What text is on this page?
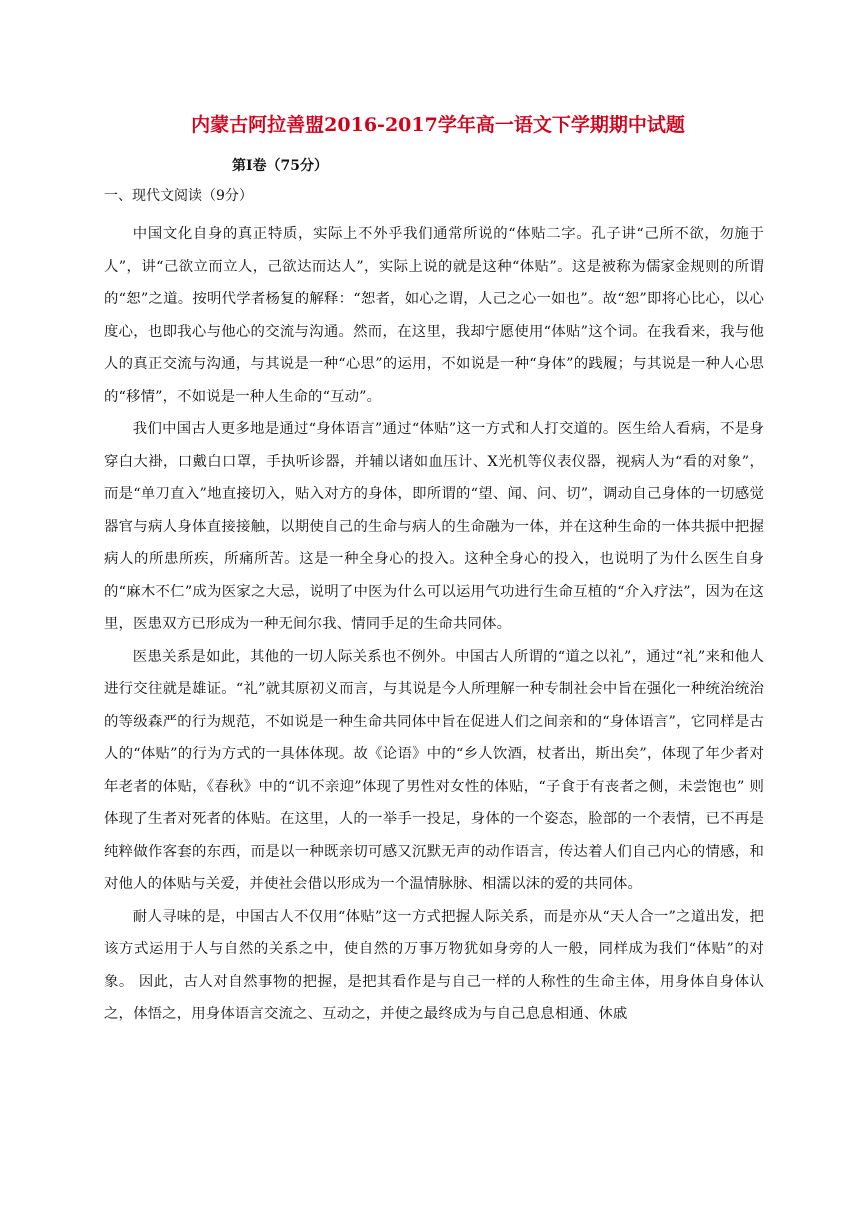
内蒙古阿拉善盟2016-2017学年高一语文下学期期中试题
第Ⅰ卷（75分）
一、现代文阅读（9分）

中国文化自身的真正特质，实际上不外乎我们通常所说的“体贴二字。孔子讲“己所不欲，勿施于人”，讲“己欲立而立人，己欲达而达人”，实际上说的就是这种“体贴”。这是被称为儒家金规则的所谓的“恕”之道。按明代学者杨复的解释：“恕者，如心之谓，人己之心一如也”。故“恕”即将心比心，以心度心，也即我心与他心的交流与沟通。然而，在这里，我却宁愿使用“体贴”这个词。在我看来，我与他人的真正交流与沟通，与其说是一种“心思”的运用，不如说是一种“身体”的践履；与其说是一种人心思的“移情”，不如说是一种人生命的“互动”。

我们中国古人更多地是通过“身体语言”通过“体贴”这一方式和人打交道的。医生给人看病，不是身穿白大褂，口戴白口罩，手执听诊器，并辅以诸如血压计、X光机等仪表仪器，视病人为“看的对象”，而是“单刀直入”地直接切入，贴入对方的身体，即所谓的“望、闻、问、切”，调动自己身体的一切感觉器官与病人身体直接接触，以期使自己的生命与病人的生命融为一体，并在这种生命的一体共振中把握病人的所患所疾，所痛所苦。这是一种全身心的投入。这种全身心的投入，也说明了为什么医生自身的“麻木不仁”成为医家之大忌，说明了中医为什么可以运用气功进行生命互植的“介入疗法”，因为在这里，医患双方已形成为一种无间尔我、情同手足的生命共同体。

医患关系是如此，其他的一切人际关系也不例外。中国古人所谓的“道之以礼”，通过“礼”来和他人进行交往就是雄证。“礼”就其原初义而言，与其说是今人所理解一种专制社会中旨在强化一种统治统治的等级森严的行为规范，不如说是一种生命共同体中旨在促进人们之间亲和的“身体语言”，它同样是古人的“体贴”的行为方式的一具体体现。故《论语》中的“乡人饮酒，杖者出，斯出矣”，体现了年少者对年老者的体贴，《春秋》中的“讥不亲迎”体现了男性对女性的体贴，“子食于有丧者之侧，未尝饱也” 则体现了生者对死者的体贴。在这里，人的一举手一投足，身体的一个姿态，脸部的一个表情，已不再是纯粹做作客套的东西，而是以一种既亲切可感又沉默无声的动作语言，传达着人们自己内心的情感，和对他人的体贴与关爱，并使社会借以形成为一个温情脉脉、相濡以沫的爱的共同体。

耐人寻味的是，中国古人不仅用“体贴”这一方式把握人际关系，而是亦从“天人合一”之道出发，把该方式运用于人与自然的关系之中，使自然的万事万物犹如身旁的人一般，同样成为我们“体贴”的对象。 因此，古人对自然事物的把握，是把其看作是与自己一样的人称性的生命主体，用身体自身体认之，体悟之，用身体语言交流之、互动之，并使之最终成为与自己息息相通、休戚
